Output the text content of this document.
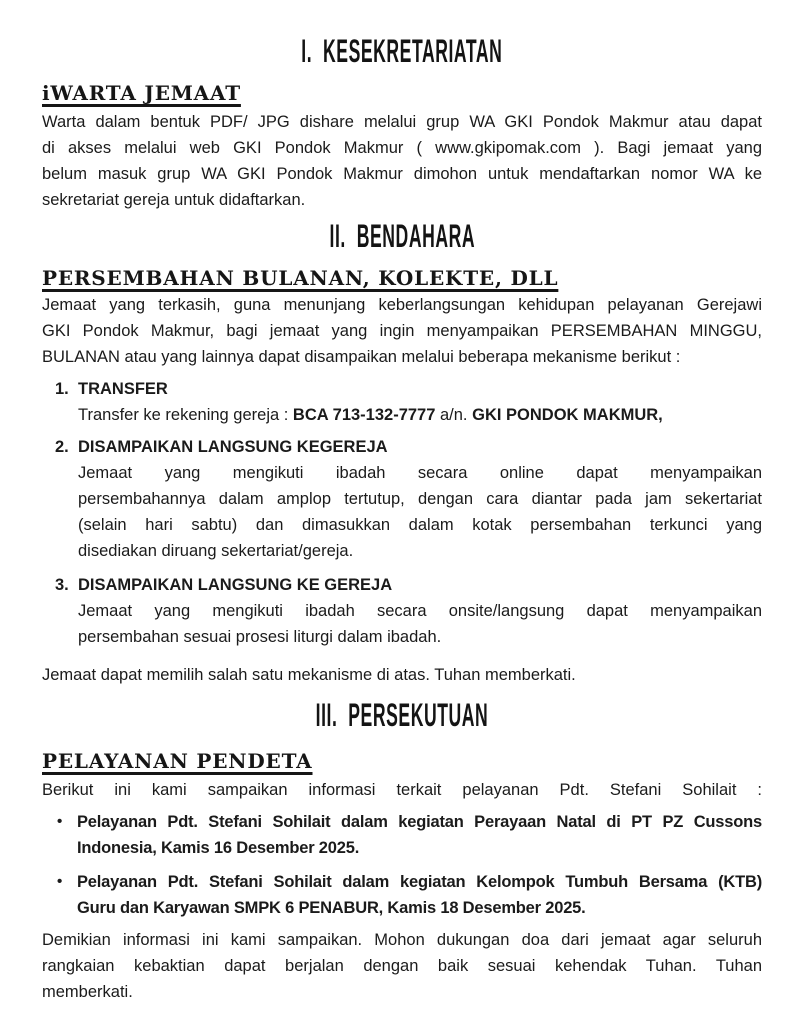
I.  KESEKRETARIATAN
iWARTA JEMAAT
Warta dalam bentuk PDF/ JPG dishare melalui grup WA GKI Pondok Makmur atau dapat
di akses melalui web GKI Pondok Makmur ( www.gkipomak.com ). Bagi jemaat yang
belum masuk grup WA GKI Pondok Makmur dimohon untuk mendaftarkan nomor WA ke
sekretariat gereja untuk didaftarkan.
II.  BENDAHARA
PERSEMBAHAN BULANAN, KOLEKTE, DLL
Jemaat yang terkasih, guna menunjang keberlangsungan kehidupan pelayanan Gerejawi
GKI Pondok Makmur, bagi jemaat yang ingin menyampaikan PERSEMBAHAN MINGGU,
BULANAN atau yang lainnya dapat disampaikan melalui beberapa mekanisme berikut :
1. TRANSFER
Transfer ke rekening gereja : BCA 713-132-7777 a/n. GKI PONDOK MAKMUR,
2. DISAMPAIKAN LANGSUNG KEGEREJA
Jemaat yang mengikuti ibadah secara online dapat menyampaikan
persembahannya dalam amplop tertutup, dengan cara diantar pada jam sekertariat
(selain hari sabtu) dan dimasukkan dalam kotak persembahan terkunci yang
disediakan diruang sekertariat/gereja.
3. DISAMPAIKAN LANGSUNG KE GEREJA
Jemaat yang mengikuti ibadah secara onsite/langsung dapat menyampaikan
persembahan sesuai prosesi liturgi dalam ibadah.
Jemaat dapat memilih salah satu mekanisme di atas. Tuhan memberkati.
III.  PERSEKUTUAN
PELAYANAN PENDETA
Berikut ini kami sampaikan informasi terkait pelayanan Pdt. Stefani Sohilait :
• Pelayanan Pdt. Stefani Sohilait dalam kegiatan Perayaan Natal di PT PZ Cussons
Indonesia, Kamis 16 Desember 2025.
• Pelayanan Pdt. Stefani Sohilait dalam kegiatan Kelompok Tumbuh Bersama (KTB)
Guru dan Karyawan SMPK 6 PENABUR, Kamis 18 Desember 2025.
Demikian informasi ini kami sampaikan. Mohon dukungan doa dari jemaat agar seluruh
rangkaian kebaktian dapat berjalan dengan baik sesuai kehendak Tuhan. Tuhan
memberkati.
